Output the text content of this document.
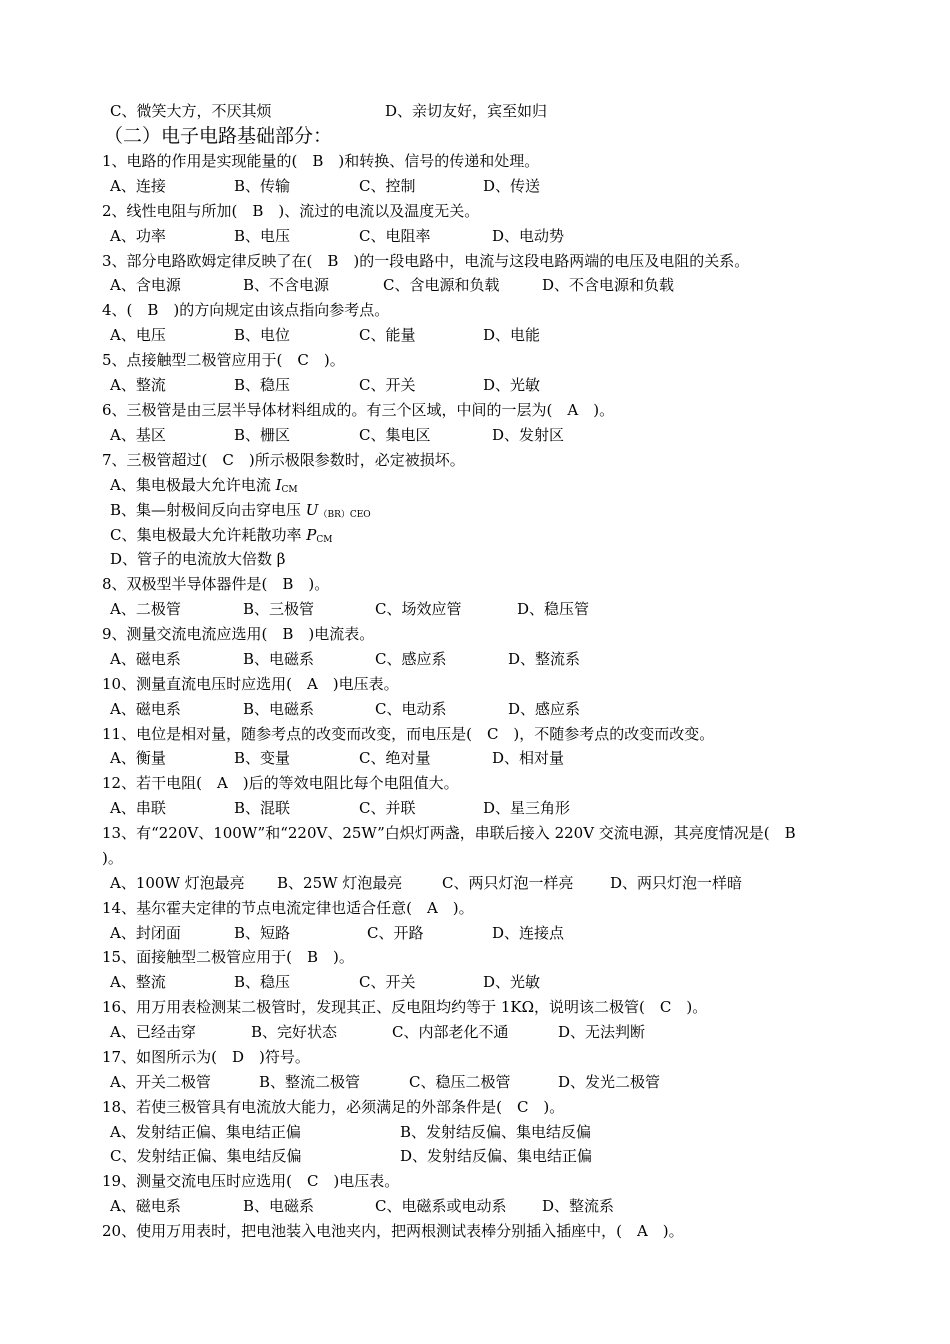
C、微笑大方，不厌其烦	D、亲切友好，宾至如归
（二）电子电路基础部分：
1、电路的作用是实现能量的(　B　)和转换、信号的传递和处理。
A、连接	B、传输	C、控制	D、传送
2、线性电阻与所加(　B　)、流过的电流以及温度无关。
A、功率	B、电压	C、电阻率	D、电动势
3、部分电路欧姆定律反映了在(　B　)的一段电路中，电流与这段电路两端的电压及电阻的关系。
A、含电源	B、不含电源	C、含电源和负载	D、不含电源和负载
4、(　B　)的方向规定由该点指向参考点。
A、电压	B、电位	C、能量	D、电能
5、点接触型二极管应用于(　C　)。
A、整流	B、稳压	C、开关	D、光敏
6、三极管是由三层半导体材料组成的。有三个区域，中间的一层为(　A　)。
A、基区	B、栅区	C、集电区	D、发射区
7、三极管超过(　C　)所示极限参数时，必定被损坏。
A、集电极最大允许电流 $I_{CM}$
B、集—射极间反向击穿电压 $U_{(BR)CEO}$
C、集电极最大允许耗散功率 $P_{CM}$
D、管子的电流放大倍数 β
8、双极型半导体器件是(　B　)。
A、二极管	B、三极管	C、场效应管	D、稳压管
9、测量交流电流应选用(　B　)电流表。
A、磁电系	B、电磁系	C、感应系	D、整流系
10、测量直流电压时应选用(　A　)电压表。
A、磁电系	B、电磁系	C、电动系	D、感应系
11、电位是相对量，随参考点的改变而改变，而电压是(　C　)，不随参考点的改变而改变。
A、衡量	B、变量	C、绝对量	D、相对量
12、若干电阻(　A　)后的等效电阻比每个电阻值大。
A、串联	B、混联	C、并联	D、星三角形
13、有“220V、100W”和“220V、25W”白炽灯两盏，串联后接入 220V 交流电源，其亮度情况是(　B
)。
A、100W 灯泡最亮 B、25W 灯泡最亮	C、两只灯泡一样亮 D、两只灯泡一样暗
14、基尔霍夫定律的节点电流定律也适合任意(　A　)。
A、封闭面	B、短路	C、开路	D、连接点
15、面接触型二极管应用于(　B　)。
A、整流	B、稳压	C、开关	D、光敏
16、用万用表检测某二极管时，发现其正、反电阻均约等于 1KΩ，说明该二极管(　C　)。
A、已经击穿	B、完好状态	C、内部老化不通	D、无法判断
17、如图所示为(　D　)符号。
A、开关二极管	B、整流二极管	C、稳压二极管	D、发光二极管
18、若使三极管具有电流放大能力，必须满足的外部条件是(　C　)。
A、发射结正偏、集电结正偏	B、发射结反偏、集电结反偏
C、发射结正偏、集电结反偏	D、发射结反偏、集电结正偏
19、测量交流电压时应选用(　C　)电压表。
A、磁电系	B、电磁系	C、电磁系或电动系 D、整流系
20、使用万用表时，把电池装入电池夹内，把两根测试表棒分别插入插座中，(　A　)。
